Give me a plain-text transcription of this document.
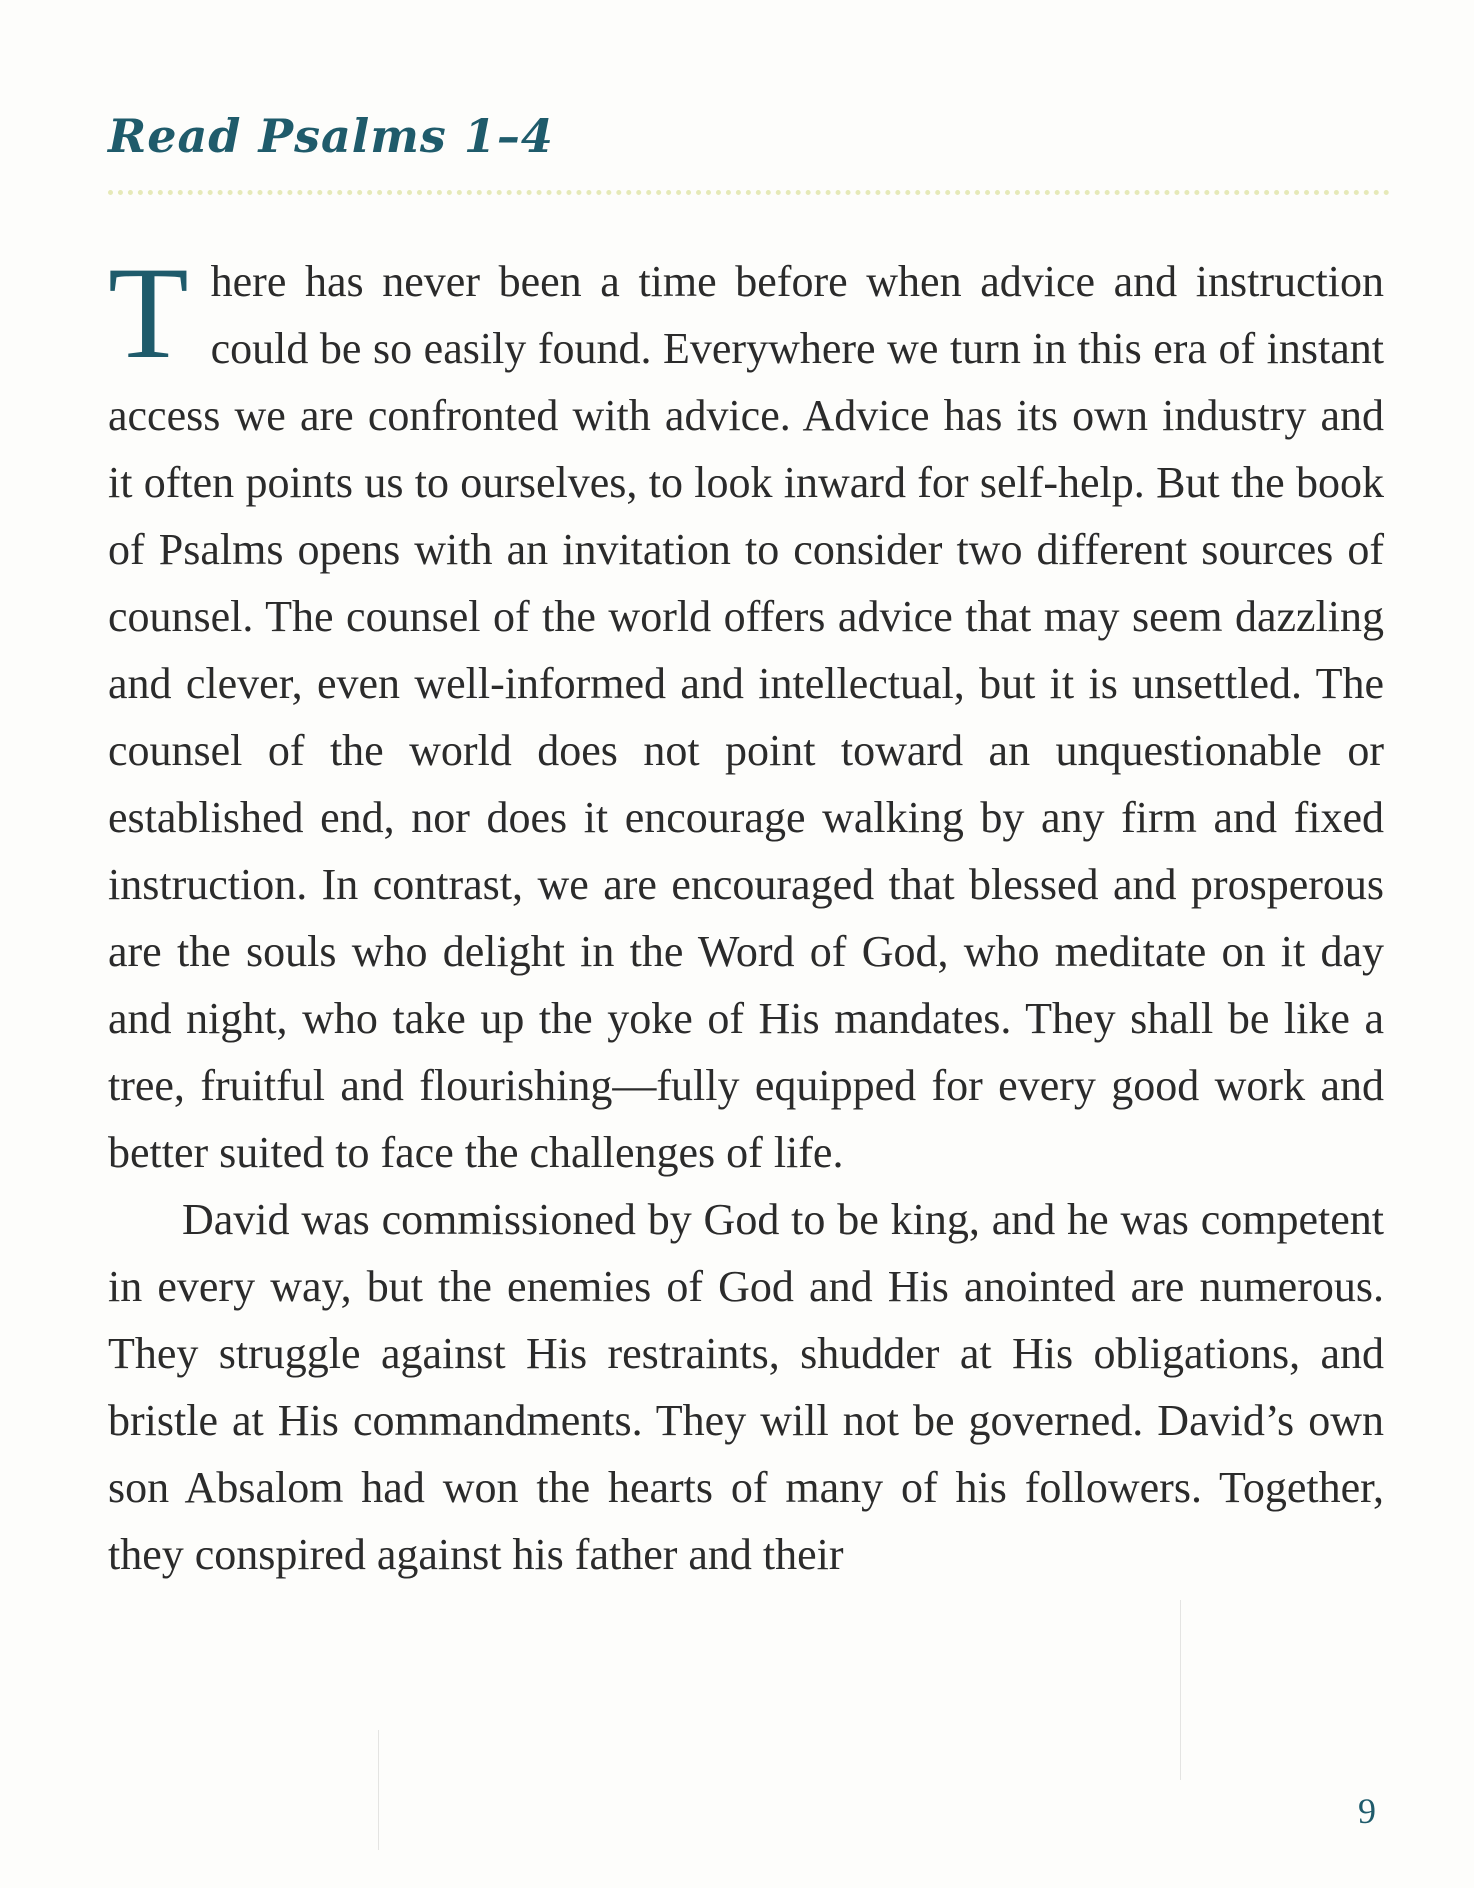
Read Psalms 1–4

There has never been a time before when advice and instruction could be so easily found. Everywhere we turn in this era of instant access we are confronted with advice. Advice has its own industry and it often points us to ourselves, to look inward for self-help. But the book of Psalms opens with an invitation to consider two different sources of counsel. The counsel of the world offers advice that may seem dazzling and clever, even well-informed and intellectual, but it is unsettled. The counsel of the world does not point toward an unquestionable or established end, nor does it encourage walking by any firm and fixed instruction. In contrast, we are encouraged that blessed and prosperous are the souls who delight in the Word of God, who meditate on it day and night, who take up the yoke of His mandates. They shall be like a tree, fruitful and flourishing—fully equipped for every good work and better suited to face the challenges of life.

David was commissioned by God to be king, and he was competent in every way, but the enemies of God and His anointed are numerous. They struggle against His restraints, shudder at His obligations, and bristle at His commandments. They will not be governed. David’s own son Absalom had won the hearts of many of his followers. Together, they conspired against his father and their

9
